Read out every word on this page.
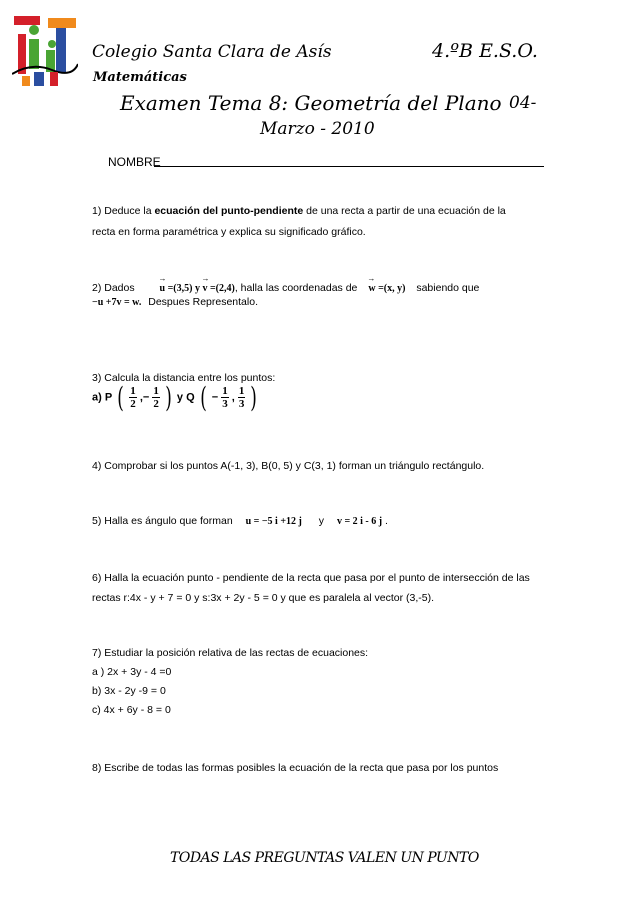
Colegio Santa Clara de Asís	4.ºB E.S.O.
Matemáticas
Examen Tema 8: Geometría del Plano 04-
Marzo - 2010
NOMBRE
1) Deduce la ecuación del punto-pendiente de una recta a partir de una ecuación de la
recta en forma paramétrica y explica su significado gráfico.
2) Dados → u =(3,5) y → v =(2,4), halla las coordenadas de → w =(x, y) sabiendo que
−u +7v = w. Despues Representalo.
3) Calcula la distancia entre los puntos:
a) P ( $\frac{1}{2}$ ,− $\frac{1}{2}$ ) y Q ( − $\frac{1}{3}$ , $\frac{1}{3}$ )
4) Comprobar si los puntos A(-1, 3), B(0, 5) y C(3, 1) forman un triángulo rectángulo.
5) Halla es ángulo que forman u = −5 i +12 j y v = 2 i - 6 j .
6) Halla la ecuación punto - pendiente de la recta que pasa por el punto de intersección de las
rectas r:4x - y + 7 = 0 y s:3x + 2y - 5 = 0 y que es paralela al vector (3,-5).
7) Estudiar la posición relativa de las rectas de ecuaciones:
a ) 2x + 3y - 4 =0
b) 3x - 2y -9 = 0
c) 4x + 6y - 8 = 0
8) Escribe de todas las formas posibles la ecuación de la recta que pasa por los puntos
TODAS LAS PREGUNTAS VALEN UN PUNTO
